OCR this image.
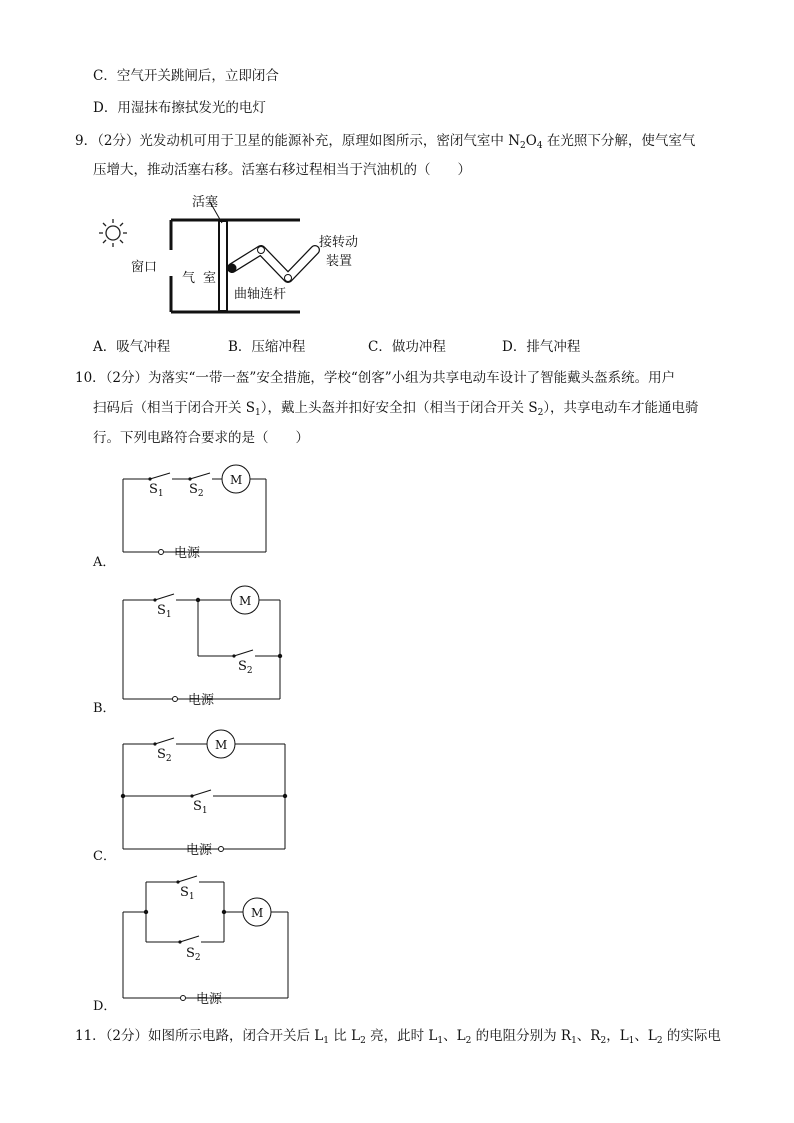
C．空气开关跳闸后，立即闭合
D．用湿抹布擦拭发光的电灯
9．（2分）光发动机可用于卫星的能源补充，原理如图所示，密闭气室中 $N_2O_4$ 在光照下分解，使气室气
压增大，推动活塞右移。活塞右移过程相当于汽油机的（　　）
活塞
窗口
气 室
曲轴连杆
接转动
装置
A．吸气冲程	B．压缩冲程	C．做功冲程	D．排气冲程
10．（2分）为落实“一带一盔”安全措施，学校“创客”小组为共享电动车设计了智能戴头盔系统。用户
扫码后（相当于闭合开关 $S_1$），戴上头盔并扣好安全扣（相当于闭合开关 $S_2$），共享电动车才能通电骑
行。下列电路符合要求的是（　　）
M
$S_1$ $S_2$
电源
A．
M
$S_1$
$S_2$
电源
B．
M
$S_2$
$S_1$
电源
C．
M
$S_1$
$S_2$
电源
D．
11．（2分）如图所示电路，闭合开关后 $L_1$ 比 $L_2$ 亮，此时 $L_1$、$L_2$ 的电阻分别为 $R_1$、$R_2$，$L_1$、$L_2$ 的实际电
